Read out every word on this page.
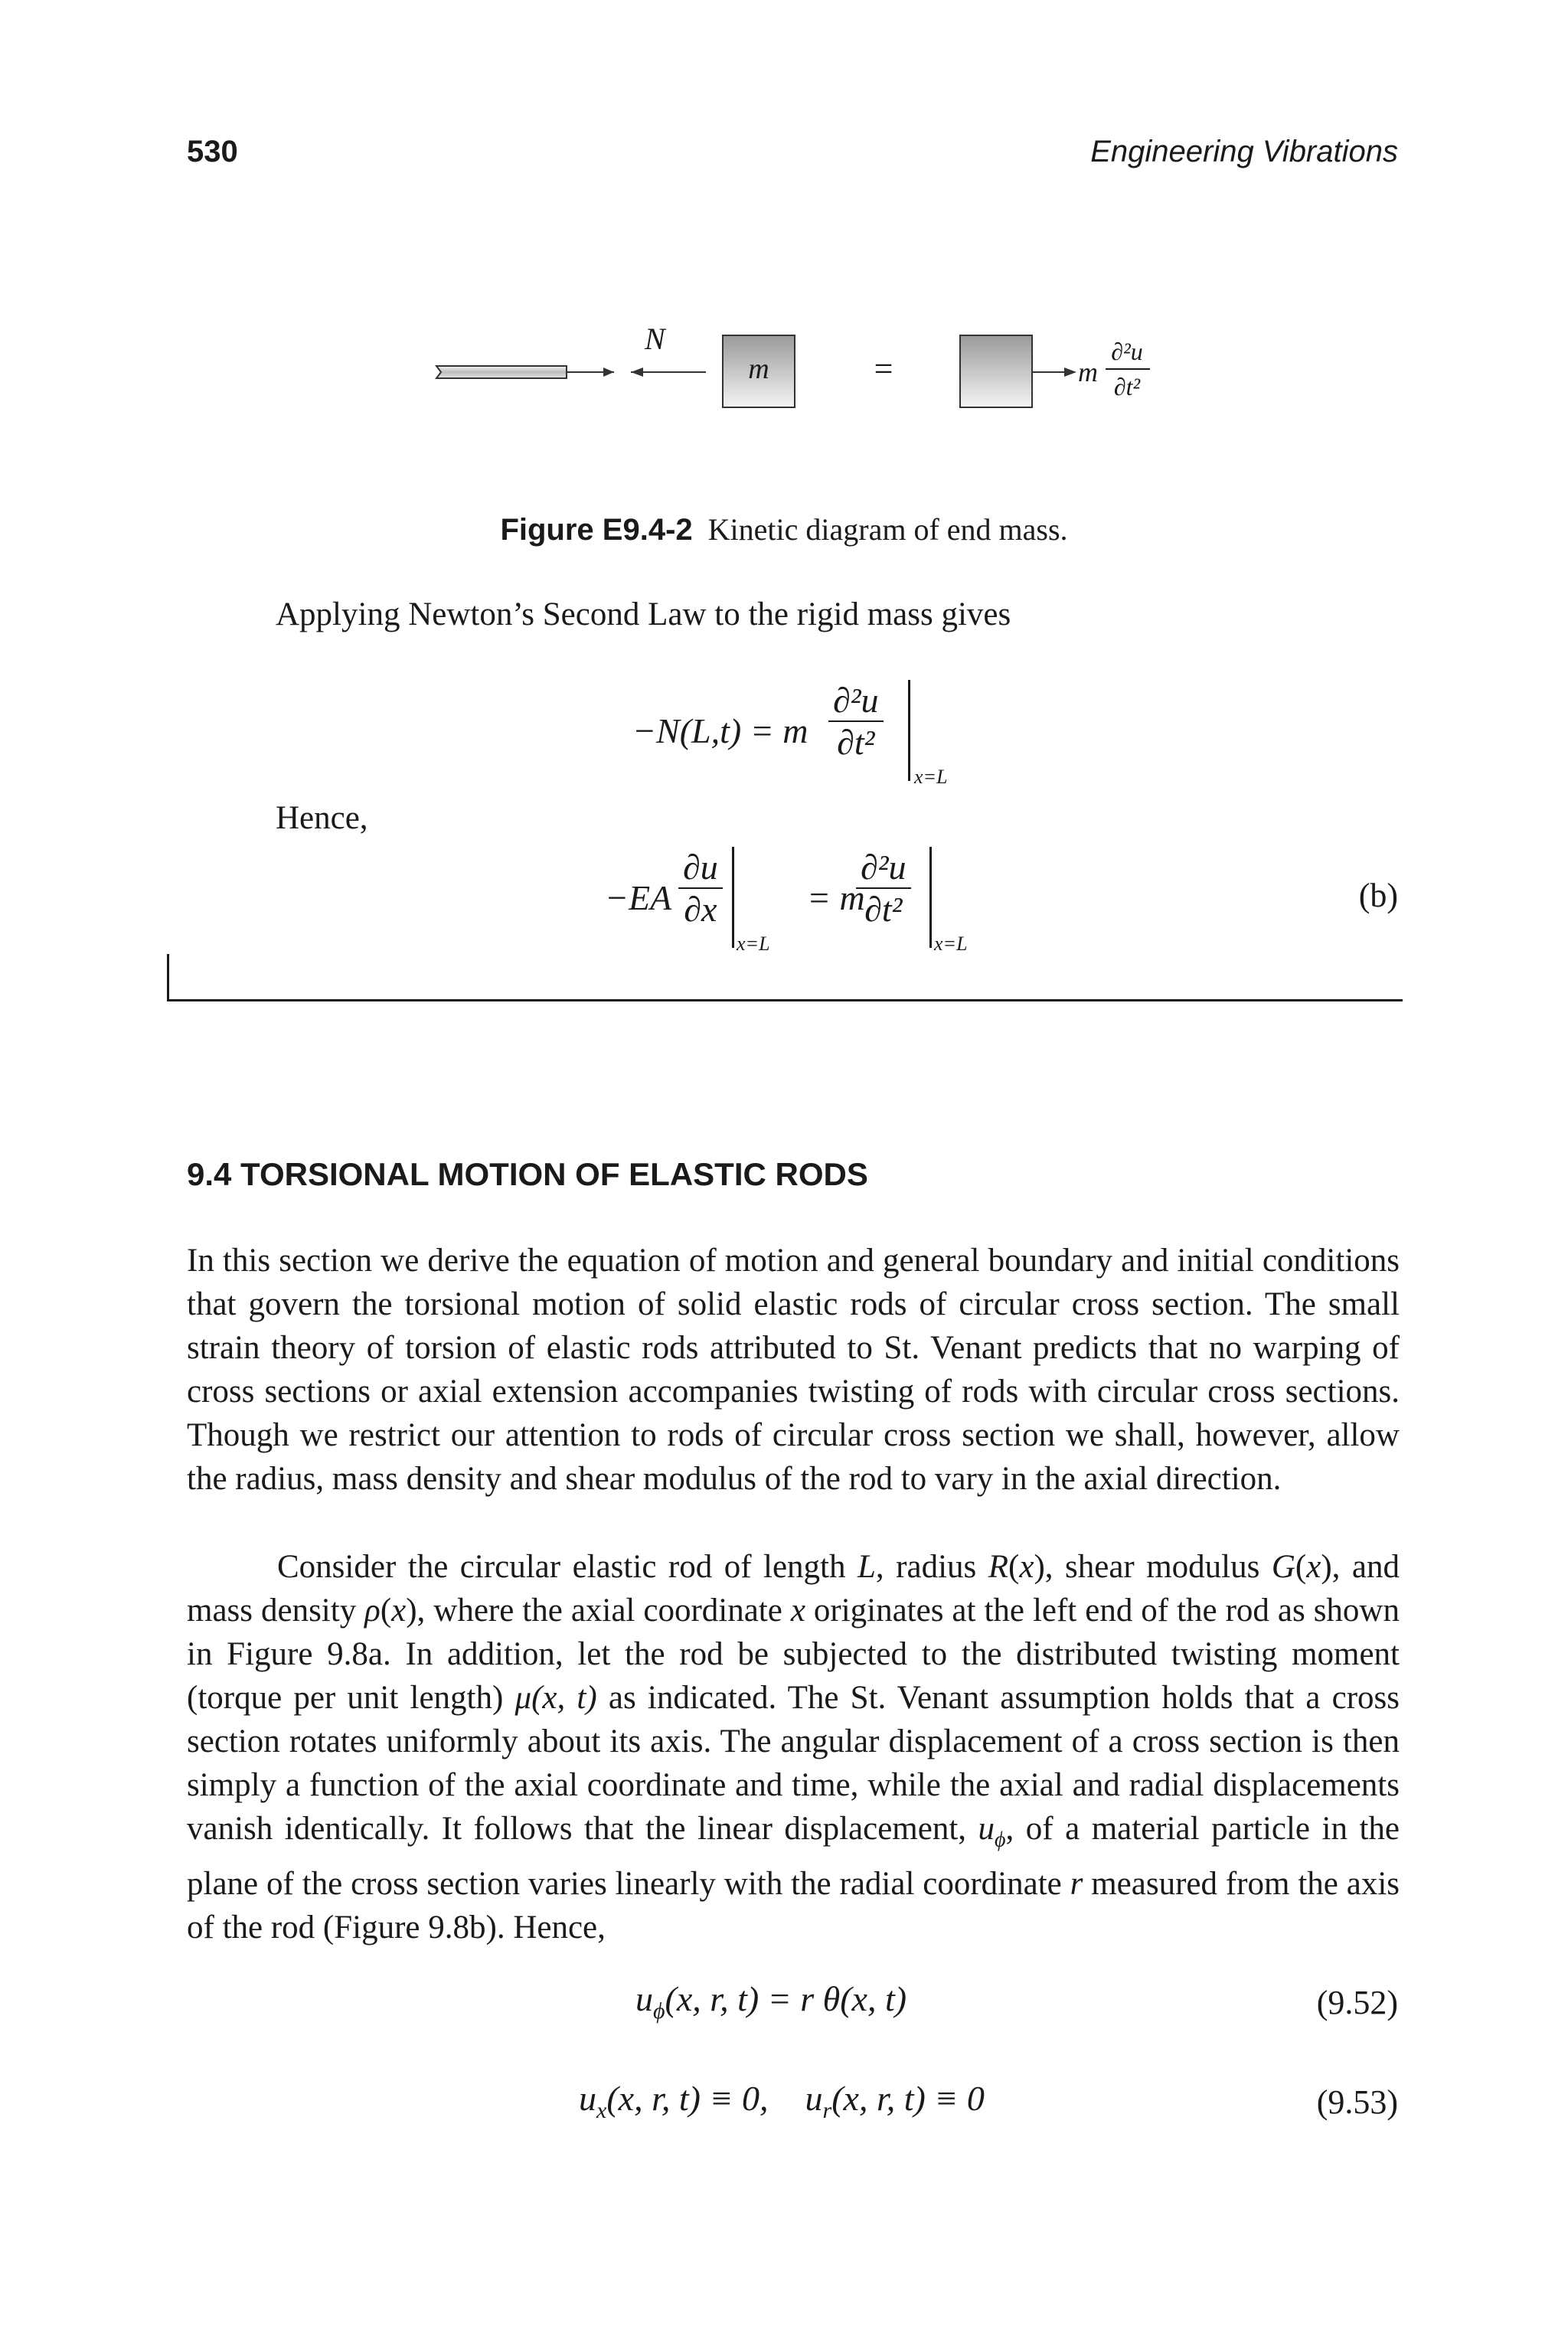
530	Engineering Vibrations
N
m	=	m
∂²u
∂t²
Figure E9.4-2 Kinetic diagram of end mass.
Applying Newton’s Second Law to the rigid mass gives
−N(L,t) = m $\frac{\text{∂²u}}{\text{∂t²}}$
x=L
Hence,
$-EA \frac{\partial u}{\partial x}$
x=L
= m
$\frac{\text{∂²u}}{\text{∂t²}}$
x=L
(b)
9.4 TORSIONAL MOTION OF ELASTIC RODS
In this section we derive the equation of motion and general boundary and initial conditions that govern the torsional motion of solid elastic rods of circular cross section. The small strain theory of torsion of elastic rods attributed to St. Venant predicts that no warping of cross sections or axial extension accompanies twisting of rods with circular cross sections. Though we restrict our attention to rods of circular cross section we shall, however, allow the radius, mass density and shear modulus of the rod to vary in the axial direction.
Consider the circular elastic rod of length L, radius R(x), shear modulus G(x), and mass density ρ(x), where the axial coordinate x originates at the left end of the rod as shown in Figure 9.8a. In addition, let the rod be subjected to the distributed twisting moment (torque per unit length) μ(x, t) as indicated. The St. Venant assumption holds that a cross section rotates uniformly about its axis. The angular displacement of a cross section is then simply a function of the axial coordinate and time, while the axial and radial displacements vanish identically. It follows that the linear displacement, $u_\phi$, of a material particle in the plane of the cross section varies linearly with the radial coordinate r measured from the axis of the rod (Figure 9.8b). Hence,
$u_\phi(x$, r, t) = r θ(x, t)	(9.52)
$u_x(x$, r, t) ≡ 0, $u_r(x$, r, t) ≡ 0	(9.53)
